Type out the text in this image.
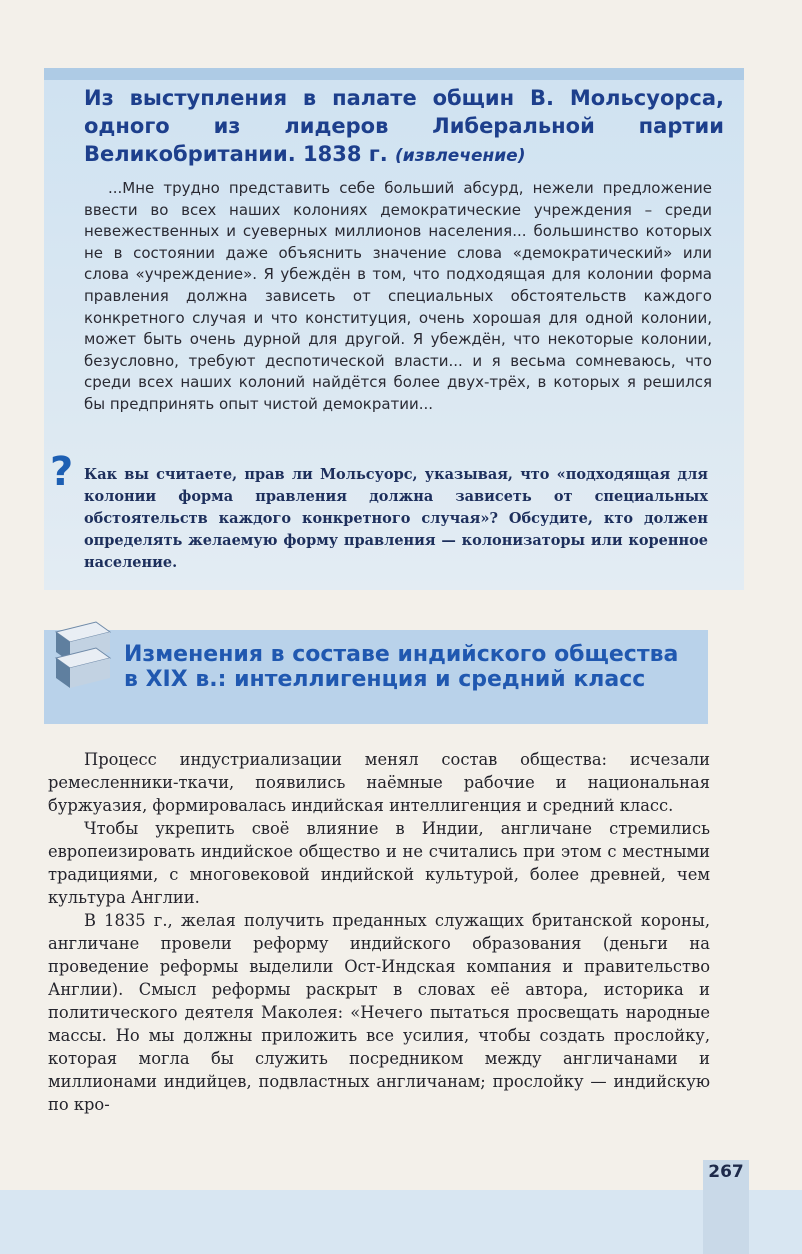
267
Из выступления в палате общин В. Мольсуорса, одного из лидеров Либеральной партии Великобритании. 1838 г. (извлечение)

...Мне трудно представить себе больший абсурд, нежели предложение ввести во всех наших колониях демократические учреждения – среди невежественных и суеверных миллионов населения... большинство которых не в состоянии даже объяснить значение слова «демократический» или слова «учреждение». Я убеждён в том, что подходящая для колонии форма правления должна зависеть от специальных обстоятельств каждого конкретного случая и что конституция, очень хорошая для одной колонии, может быть очень дурной для другой. Я убеждён, что некоторые колонии, безусловно, требуют деспотической власти... и я весьма сомневаюсь, что среди всех наших колоний найдётся более двух-трёх, в которых я решился бы предпринять опыт чистой демократии...

? Как вы считаете, прав ли Мольсуорс, указывая, что «подходящая для колонии форма правления должна зависеть от специальных обстоятельств каждого конкретного случая»? Обсудите, кто должен определять желаемую форму правления — колонизаторы или коренное население.

Изменения в составе индийского общества в XIX в.: интеллигенция и средний класс

Процесс индустриализации менял состав общества: исчезали ремесленники-ткачи, появились наёмные рабочие и национальная буржуазия, формировалась индийская интеллигенция и средний класс.

Чтобы укрепить своё влияние в Индии, англичане стремились европеизировать индийское общество и не считались при этом с местными традициями, с многовековой индийской культурой, более древней, чем культура Англии.

В 1835 г., желая получить преданных служащих британской короны, англичане провели реформу индийского образования (деньги на проведение реформы выделили Ост-Индская компания и правительство Англии). Смысл реформы раскрыт в словах её автора, историка и политического деятеля Маколея: «Нечего пытаться просвещать народные массы. Но мы должны приложить все усилия, чтобы создать прослойку, которая могла бы служить посредником между англичанами и миллионами индийцев, подвластных англичанам; прослойку — индийскую по кро-
